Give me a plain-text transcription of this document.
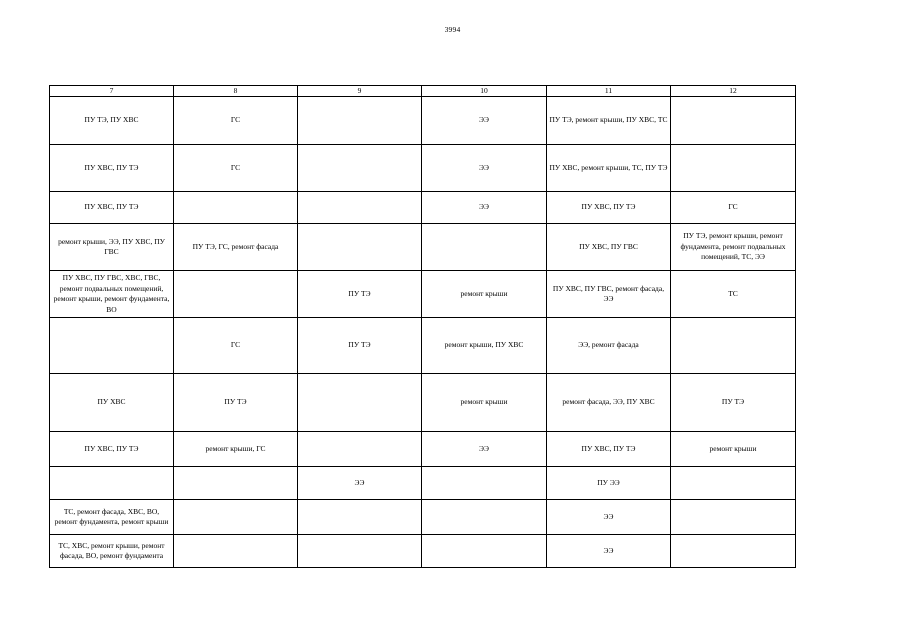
3994
7	8	9	10	11	12
ПУ ТЭ, ПУ ХВС	ГС		ЭЭ	ПУ ТЭ, ремонт крыши, ПУ ХВС, ТС	
ПУ ХВС, ПУ ТЭ	ГС		ЭЭ	ПУ ХВС, ремонт крыши, ТС, ПУ ТЭ	
ПУ ХВС, ПУ ТЭ			ЭЭ	ПУ ХВС, ПУ ТЭ	ГС
ремонт крыши, ЭЭ, ПУ ХВС, ПУ ГВС	ПУ ТЭ, ГС, ремонт фасада			ПУ ХВС, ПУ ГВС	ПУ ТЭ, ремонт крыши, ремонт фундамента, ремонт подвальных помещений, ТС, ЭЭ
ПУ ХВС, ПУ ГВС, ХВС, ГВС, ремонт подвальных помещений, ремонт крыши, ремонт фундамента, ВО		ПУ ТЭ	ремонт крыши	ПУ ХВС, ПУ ГВС, ремонт фасада, ЭЭ	ТС
	ГС	ПУ ТЭ	ремонт крыши, ПУ ХВС	ЭЭ, ремонт фасада	
ПУ ХВС	ПУ ТЭ		ремонт крыши	ремонт фасада, ЭЭ, ПУ ХВС	ПУ ТЭ
ПУ ХВС, ПУ ТЭ	ремонт крыши, ГС		ЭЭ	ПУ ХВС, ПУ ТЭ	ремонт крыши
		ЭЭ		ПУ ЭЭ	
ТС, ремонт фасада, ХВС, ВО, ремонт фундамента, ремонт крыши				ЭЭ	
ТС, ХВС, ремонт крыши, ремонт фасада, ВО, ремонт фундамента				ЭЭ	
